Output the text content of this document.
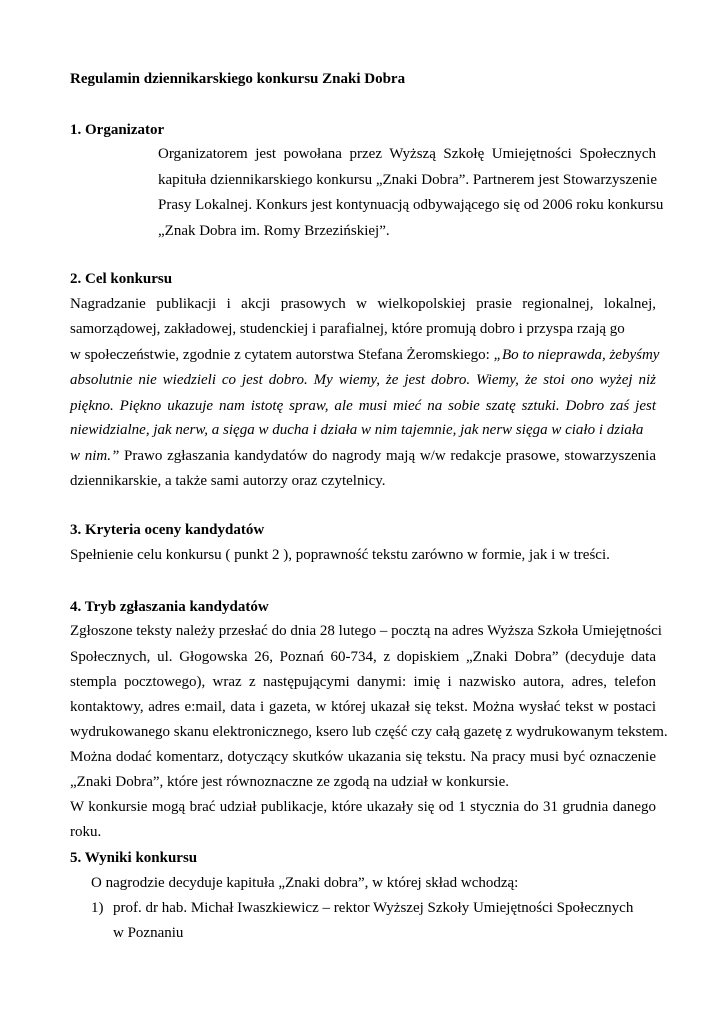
Regulamin dziennikarskiego konkursu Znaki Dobra
1. Organizator
Organizatorem jest powołana przez Wyższą Szkołę Umiejętności Społecznych
kapituła dziennikarskiego konkursu „Znaki Dobra”. Partnerem jest Stowarzyszenie
Prasy Lokalnej. Konkurs jest kontynuacją odbywającego się od 2006 roku konkursu
„Znak Dobra im. Romy Brzezińskiej”.
2. Cel konkursu
Nagradzanie publikacji i akcji prasowych w wielkopolskiej prasie regionalnej, lokalnej,
samorządowej, zakładowej, studenckiej i parafialnej, które promują dobro i przyspa rzają go
w społeczeństwie, zgodnie z cytatem autorstwa Stefana Żeromskiego: „Bo to nieprawda, żebyśmy
absolutnie nie wiedzieli co jest dobro. My wiemy, że jest dobro. Wiemy, że stoi ono wyżej niż
piękno. Piękno ukazuje nam istotę spraw, ale musi mieć na sobie szatę sztuki. Dobro zaś jest
niewidzialne, jak nerw, a sięga w ducha i działa w nim tajemnie, jak nerw sięga w ciało i działa
w nim.” Prawo zgłaszania kandydatów do nagrody mają w/w redakcje prasowe, stowarzyszenia
dziennikarskie, a także sami autorzy oraz czytelnicy.
3. Kryteria oceny kandydatów
Spełnienie celu konkursu ( punkt 2 ), poprawność tekstu zarówno w formie, jak i w treści.
4. Tryb zgłaszania kandydatów
Zgłoszone teksty należy przesłać do dnia 28 lutego – pocztą na adres Wyższa Szkoła Umiejętności
Społecznych, ul. Głogowska 26, Poznań 60-734, z dopiskiem „Znaki Dobra” (decyduje data
stempla pocztowego), wraz z następującymi danymi: imię i nazwisko autora, adres, telefon
kontaktowy, adres e:mail, data i gazeta, w której ukazał się tekst. Można wysłać tekst w postaci
wydrukowanego skanu elektronicznego, ksero lub część czy całą gazetę z wydrukowanym tekstem.
Można dodać komentarz, dotyczący skutków ukazania się tekstu. Na pracy musi być oznaczenie
„Znaki Dobra”, które jest równoznaczne ze zgodą na udział w konkursie.
W konkursie mogą brać udział publikacje, które ukazały się od 1 stycznia do 31 grudnia danego
roku.
5. Wyniki konkursu
O nagrodzie decyduje kapituła „Znaki dobra”, w której skład wchodzą:
1) prof. dr hab. Michał Iwaszkiewicz – rektor Wyższej Szkoły Umiejętności Społecznych
w Poznaniu
